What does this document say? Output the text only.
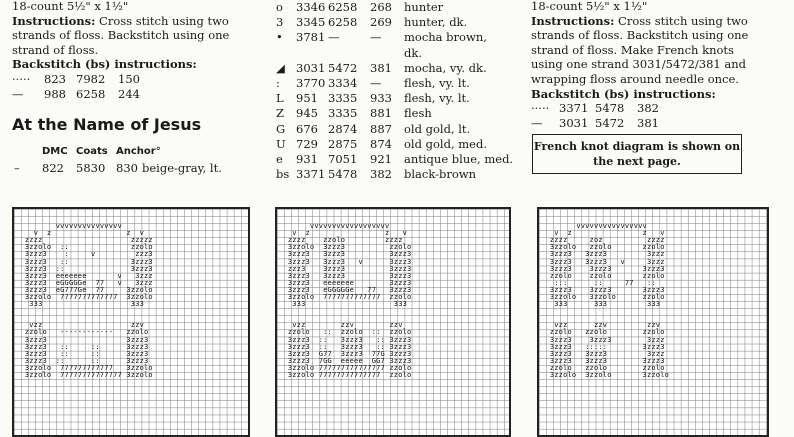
18-count 5½" x 1½"
Instructions: Cross stitch using two strands of floss. Backstitch using one strand of floss.
Backstitch (bs) instructions:
····· 823 7982 150
— 988 6258 244
At the Name of Jesus
DMC Coats Anchor°
– 822 5830 830 beige-gray, lt.
o 3346 6258 268 hunter
3 3345 6258 269 hunter, dk.
• 3781 —	— mocha brown,
dk.
◢ 3031 5472 381 mocha, vy. dk.
: 3770 3334 — flesh, vy. lt.
L 951 3335 933 flesh, vy. lt.
Z 945 3335 881 flesh
G 676 2874 887 old gold, lt.
U 729 2875 874 old gold, med.
e 931 7051 921 antique blue, med.
bs 3371 5478 382 black-brown
18-count 5½" x 1½"
Instructions: Cross stitch using two strands of floss. Backstitch using one strand of floss. Make French knots using one strand 3031/5472/381 and wrapping floss around needle once.
Backstitch (bs) instructions:
····· 3371 5478 382
— 3031 5472 381
French knot diagram is shown on the next page.
vvvvvvvvvvvvvvv
v  z                 z  v
zzzz                    zzzzz
3zzolo  ::              zzolo
3zzz3    :     v         zzz3
3zzz3   ::              3zzz3
3zzz3  ::               3zzz3
3zzz3  eeeeeee       v   3zzz
3zzz3  eGGGGGe  77   v   3zzz
3zzz3  eG777Ge  77     3zzolo
3zzolo  7777777777777  3zzolo
333                    333
vzz                    zzv
zzolo   ------------   zzolo
3zzz3                  3zzz3
3zzz3   ::     ::      3zzz3
3zzz3   ::     ::      3zzz3
3zzz3  ::      ::      3zzz3
3zzolo  777777777777   3zzolo
3zzolo  77777777777777 3zzolo
vvvvvvvvvvvvvvvvvv
v  z                 z   v
zzzz    zzolo         zzzz
3zzolo  3zzz3          zzolo
3zzz3   3zzz3          3zzz3
3zzz3   3zzz3   v      3zzz3
zzz3    3zzz3          3zzz3
3zzz3   3zzz3          3zzz3
3zzz3   eeeeeee        3zzz3
3zzz3   eGGGGGe   77   3zzz3
3zzolo  7777777777777  zzolo
333                    333
vzz        zzv        zzv
zzolo   ::  zzolo  ::  zzolo
3zzz3  ::   3zzz3   :: 3zzz3
3zzz3  ::   3zzz3   :: 3zzz3
3zzz3  G77  3zzz3  77G 3zzz3
3zzz3  7GG  eeeee  GG7 3zzz3
3zzolo 777777777777777 zzolo
3zzolo 77777777777777  zzolo
vvvvvvvvvvvvvvvv
v  z                z   v
zzzz     zoz          zzzz
3zzolo   zzolo       zzolo
3zzz3   3zzz3         3zzz
3zzz3   3zzz3   v     3zzz
3zzz3    3zzz3       3zzz3
zzolo    zzolo       zzolo
:::      ::     77   ::
3zzz3    3zzz3       3zzz3
3zzolo   3zzolo      zzolo
333      333         333
vzz      zzv         zzv
zzolo   zzolo        zzolo
3zzz3    3zzz3        3zzz
3zzz3   :::::        3zzz3
3zzz3   3zzz3         3zzz
3zzz3   3zzz3        3zzz3
zzolo   zzolo        zzolo
3zzolo  3zzolo       3zzolo
